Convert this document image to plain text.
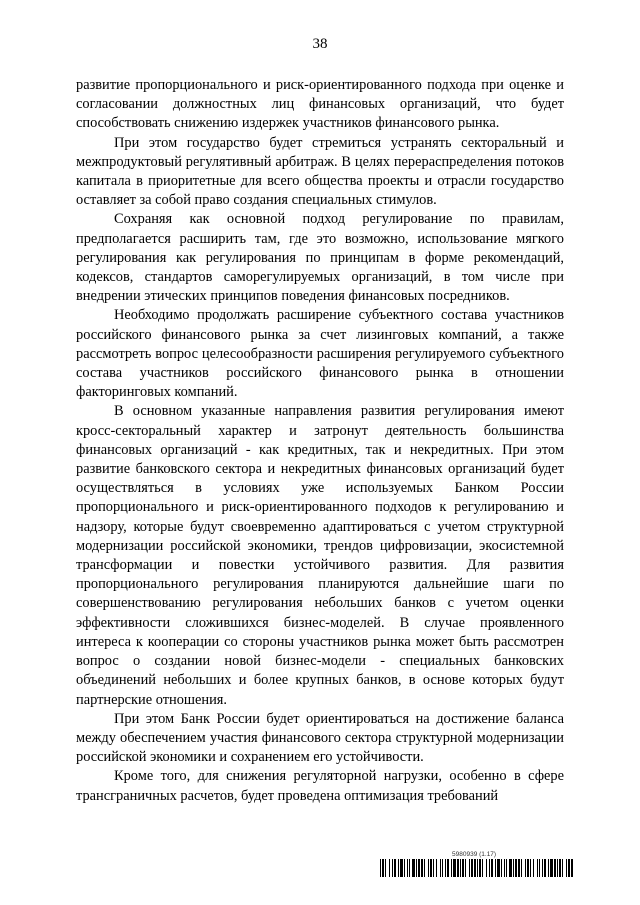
38

развитие пропорционального и риск-ориентированного подхода при оценке и согласовании должностных лиц финансовых организаций, что будет способствовать снижению издержек участников финансового рынка.

При этом государство будет стремиться устранять секторальный и межпродуктовый регулятивный арбитраж. В целях перераспределения потоков капитала в приоритетные для всего общества проекты и отрасли государство оставляет за собой право создания специальных стимулов.

Сохраняя как основной подход регулирование по правилам, предполагается расширить там, где это возможно, использование мягкого регулирования как регулирования по принципам в форме рекомендаций, кодексов, стандартов саморегулируемых организаций, в том числе при внедрении этических принципов поведения финансовых посредников.

Необходимо продолжать расширение субъектного состава участников российского финансового рынка за счет лизинговых компаний, а также рассмотреть вопрос целесообразности расширения регулируемого субъектного состава участников российского финансового рынка в отношении факторинговых компаний.

В основном указанные направления развития регулирования имеют кросс-секторальный характер и затронут деятельность большинства финансовых организаций - как кредитных, так и некредитных. При этом развитие банковского сектора и некредитных финансовых организаций будет осуществляться в условиях уже используемых Банком России пропорционального и риск-ориентированного подходов к регулированию и надзору, которые будут своевременно адаптироваться с учетом структурной модернизации российской экономики, трендов цифровизации, экосистемной трансформации и повестки устойчивого развития. Для развития пропорционального регулирования планируются дальнейшие шаги по совершенствованию регулирования небольших банков с учетом оценки эффективности сложившихся бизнес-моделей. В случае проявленного интереса к кооперации со стороны участников рынка может быть рассмотрен вопрос о создании новой бизнес-модели - специальных банковских объединений небольших и более крупных банков, в основе которых будут партнерские отношения.

При этом Банк России будет ориентироваться на достижение баланса между обеспечением участия финансового сектора структурной модернизации российской экономики и сохранением его устойчивости.

Кроме того, для снижения регуляторной нагрузки, особенно в сфере трансграничных расчетов, будет проведена оптимизация требований

5980939 (1.17)
